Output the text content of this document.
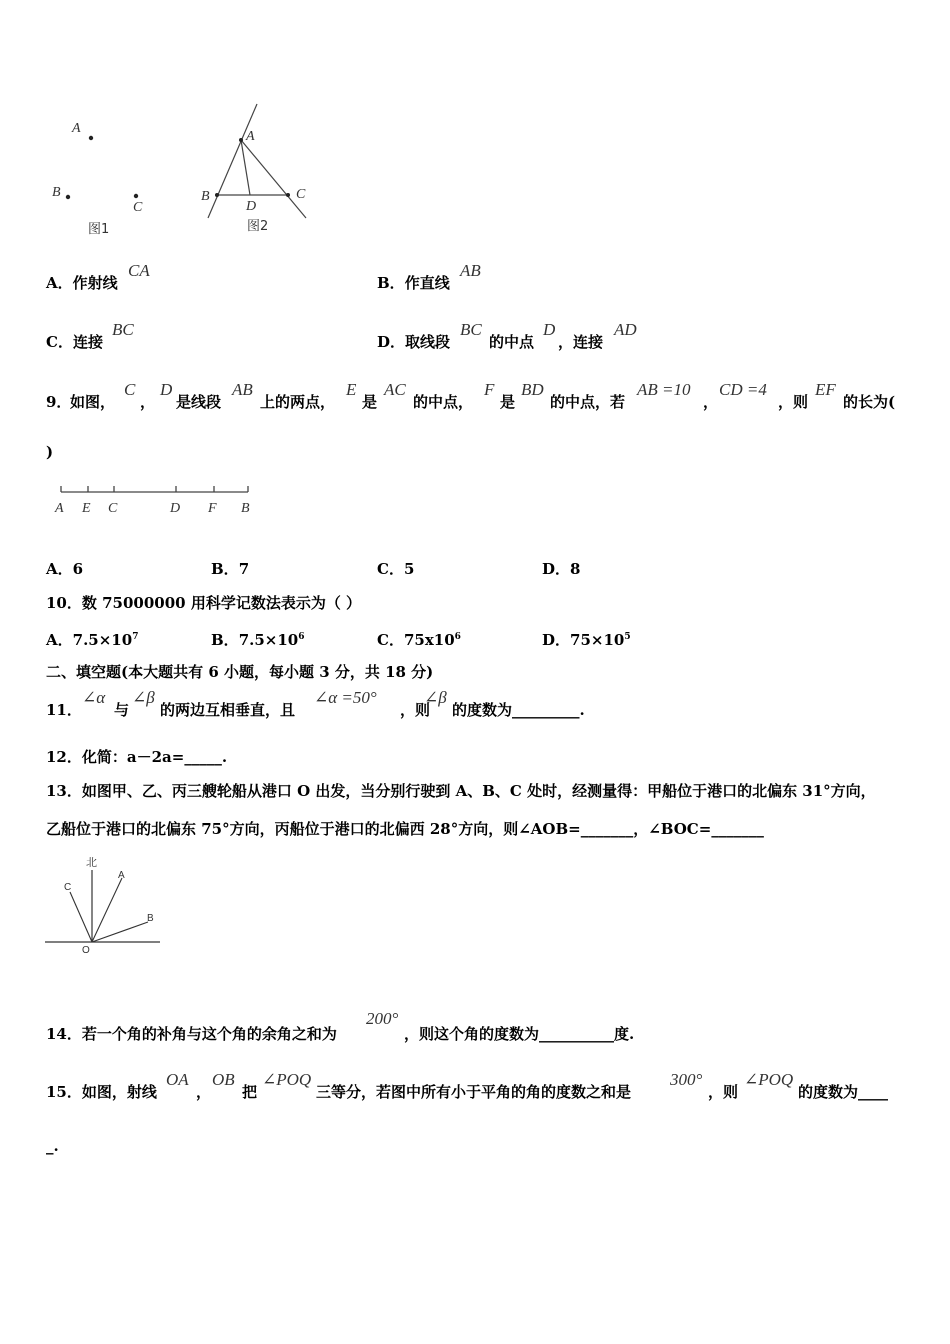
A
B
C
图1
A
B	C
D
图2
A．作射线
CA
B．作直线
AB
C．连接
BC
D．取线段
BC
的中点
D
，连接
AD
9．
如图，
C
，
D
是线段
AB
上的两点，
E
是
AC
的中点，
F
是
BD
的中点，若
AB =10
，
CD =4
，则
EF
的长为(
)
A E C	D F B
A．6	B．7	C．5	D．8
10．数 75000000 用科学记数法表示为（ ）
A．$7.5\times 10^7$	B．$7.5\times 10^6$	C．$75x10^6$	D．$75\times 10^5$
二、填空题(本大题共有 6 小题，每小题 3 分，共 18 分)
11．
∠α
与
∠β
的两边互相垂直，且
∠α =50°
，则
∠β
的度数为_________.
12．化简：a－2a=_____.
13．如图甲、乙、丙三艘轮船从港口 O 出发，当分别行驶到 A、B、C 处时，经测量得：甲船位于港口的北偏东 31°方向，
乙船位于港口的北偏东 75°方向，丙船位于港口的北偏西 28°方向，则∠AOB=_______，∠BOC=_______
北
A
B
C
O
14．若一个角的补角与这个角的余角之和为
200°
，则这个角的度数为__________度.
15．如图，射线
OA
，
OB
把
∠POQ
三等分，若图中所有小于平角的角的度数之和是
300°
，则
∠POQ
的度数为____
_.
